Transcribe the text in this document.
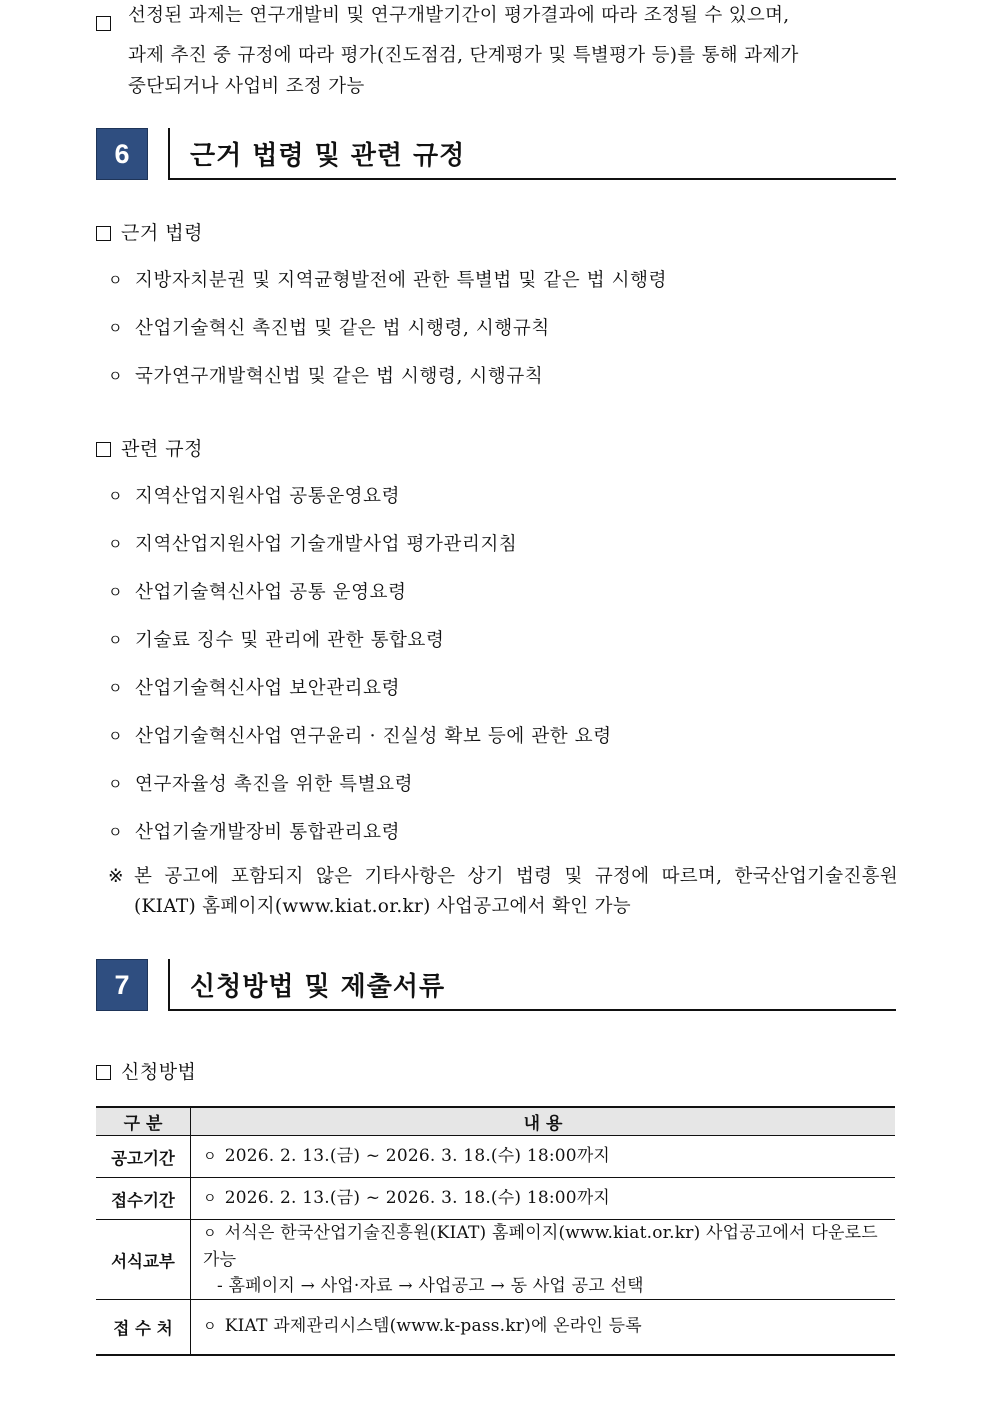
선정된 과제는 연구개발비 및 연구개발기간이 평가결과에 따라 조정될 수 있으며,
과제 추진 중 규정에 따라 평가(진도점검, 단계평가 및 특별평가 등)를 통해 과제가
중단되거나 사업비 조정 가능
6	근거 법령 및 관련 규정
근거 법령
ㅇ 지방자치분권 및 지역균형발전에 관한 특별법 및 같은 법 시행령
ㅇ 산업기술혁신 촉진법 및 같은 법 시행령, 시행규칙
ㅇ 국가연구개발혁신법 및 같은 법 시행령, 시행규칙
관련 규정
ㅇ 지역산업지원사업 공통운영요령
ㅇ 지역산업지원사업 기술개발사업 평가관리지침
ㅇ 산업기술혁신사업 공통 운영요령
ㅇ 기술료 징수 및 관리에 관한 통합요령
ㅇ 산업기술혁신사업 보안관리요령
ㅇ 산업기술혁신사업 연구윤리 · 진실성 확보 등에 관한 요령
ㅇ 연구자율성 촉진을 위한 특별요령
ㅇ 산업기술개발장비 통합관리요령
※ 본 공고에 포함되지 않은 기타사항은 상기 법령 및 규정에 따르며, 한국산업기술진흥원
(KIAT) 홈페이지(www.kiat.or.kr) 사업공고에서 확인 가능
7	신청방법 및 제출서류
신청방법
구 분	내 용
공고기간	ㅇ 2026. 2. 13.(금) ~ 2026. 3. 18.(수) 18:00까지
접수기간	ㅇ 2026. 2. 13.(금) ~ 2026. 3. 18.(수) 18:00까지
서식교부	ㅇ 서식은 한국산업기술진흥원(KIAT) 홈페이지(www.kiat.or.kr) 사업공고에서 다운로드 가능
- 홈페이지 → 사업·자료 → 사업공고 → 동 사업 공고 선택

접 수 처	ㅇ KIAT 과제관리시스템(www.k-pass.kr)에 온라인 등록
